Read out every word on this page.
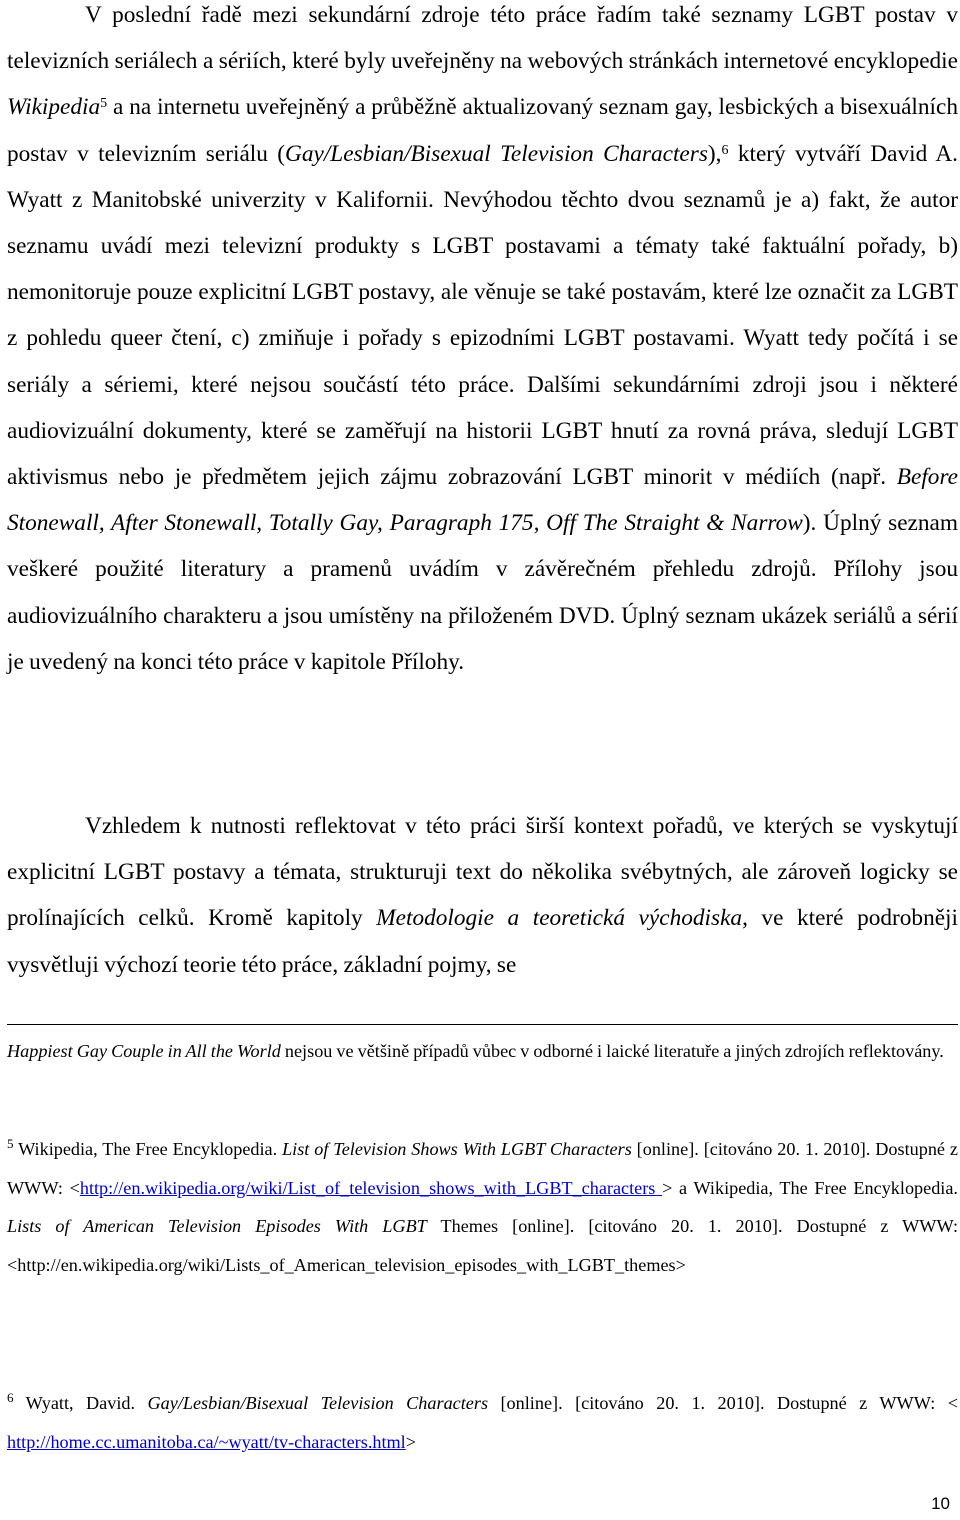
V poslední řadě mezi sekundární zdroje této práce řadím také seznamy LGBT postav v televizních seriálech a sériích, které byly uveřejněny na webových stránkách internetové encyklopedie Wikipedia$^5$ a na internetu uveřejněný a průběžně aktualizovaný seznam gay, lesbických a bisexuálních postav v televizním seriálu (Gay/Lesbian/Bisexual Television Characters),$^6$ který vytváří David A. Wyatt z Manitobské univerzity v Kalifornii. Nevýhodou těchto dvou seznamů je a) fakt, že autor seznamu uvádí mezi televizní produkty s LGBT postavami a tématy také faktuální pořady, b) nemonitoruje pouze explicitní LGBT postavy, ale věnuje se také postavám, které lze označit za LGBT z pohledu queer čtení, c) zmiňuje i pořady s epizodními LGBT postavami. Wyatt tedy počítá i se seriály a sériemi, které nejsou součástí této práce. Dalšími sekundárními zdroji jsou i některé audiovizuální dokumenty, které se zaměřují na historii LGBT hnutí za rovná práva, sledují LGBT aktivismus nebo je předmětem jejich zájmu zobrazování LGBT minorit v médiích (např. Before Stonewall, After Stonewall, Totally Gay, Paragraph 175, Off The Straight & Narrow). Úplný seznam veškeré použité literatury a pramenů uvádím v závěrečném přehledu zdrojů. Přílohy jsou audiovizuálního charakteru a jsou umístěny na přiloženém DVD. Úplný seznam ukázek seriálů a sérií je uvedený na konci této práce v kapitole Přílohy.

Vzhledem k nutnosti reflektovat v této práci širší kontext pořadů, ve kterých se vyskytují explicitní LGBT postavy a témata, strukturuji text do několika svébytných, ale zároveň logicky se prolínajících celků. Kromě kapitoly Metodologie a teoretická východiska, ve které podrobněji vysvětluji výchozí teorie této práce, základní pojmy, se

Happiest Gay Couple in All the World nejsou ve většině případů vůbec v odborné i laické literatuře a jiných zdrojích reflektovány.

$^5$ Wikipedia, The Free Encyklopedia. List of Television Shows With LGBT Characters [online]. [citováno 20. 1. 2010]. Dostupné z WWW: <http://en.wikipedia.org/wiki/List_of_television_shows_with_LGBT_characters > a Wikipedia, The Free Encyklopedia. Lists of American Television Episodes With LGBT Themes [online]. [citováno 20. 1. 2010]. Dostupné z WWW: <http://en.wikipedia.org/wiki/Lists_of_American_television_episodes_with_LGBT_themes>

$^6$ Wyatt, David. Gay/Lesbian/Bisexual Television Characters [online]. [citováno 20. 1. 2010]. Dostupné z WWW: < http://home.cc.umanitoba.ca/~wyatt/tv-characters.html>

10
